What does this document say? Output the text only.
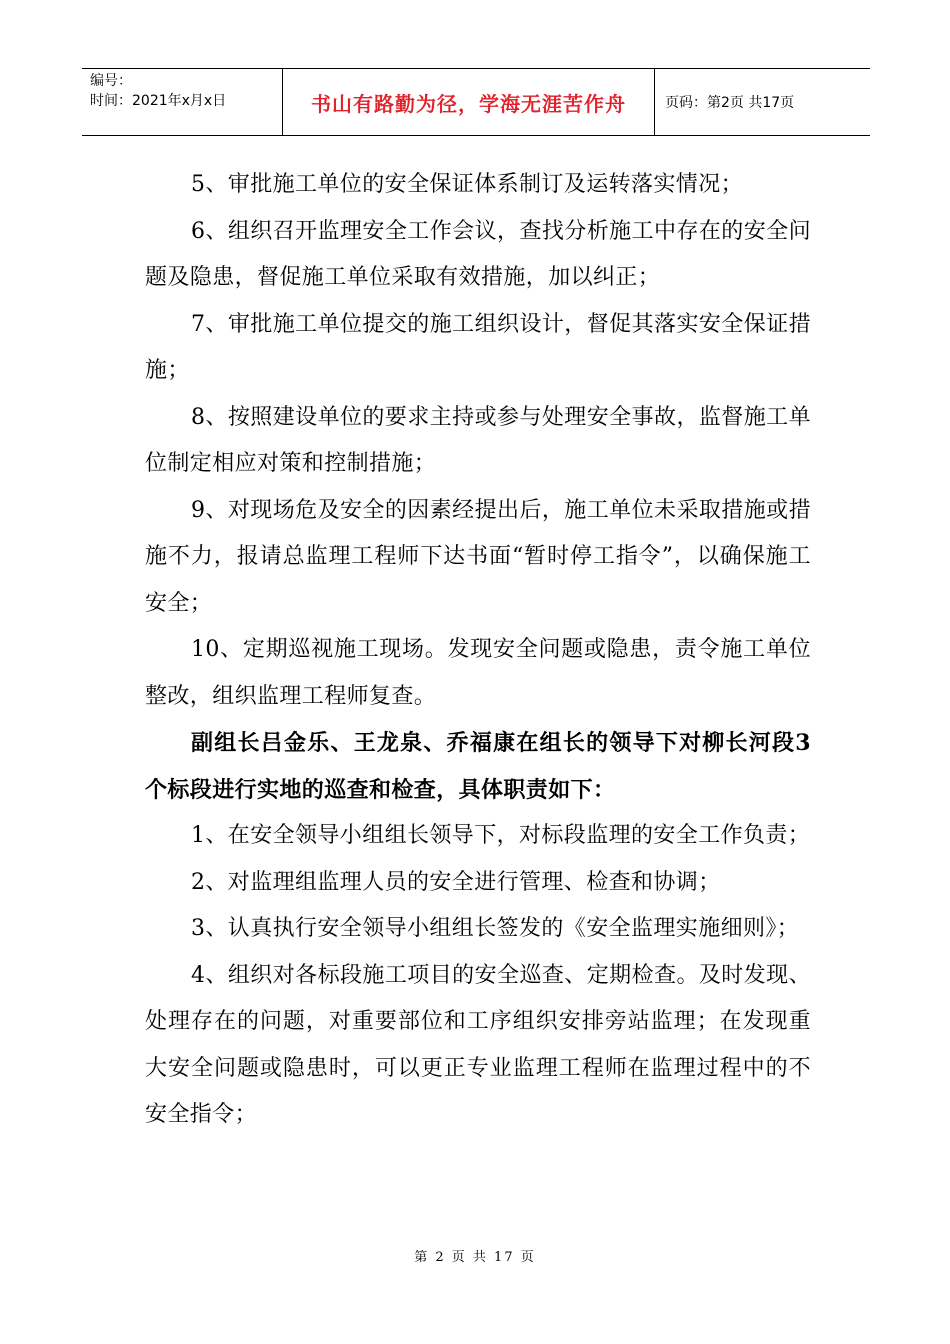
编号：
时间：2021年x月x日	书山有路勤为径，学海无涯苦作舟	页码：第2页 共17页

5、审批施工单位的安全保证体系制订及运转落实情况；

6、组织召开监理安全工作会议，查找分析施工中存在的安全问题及隐患，督促施工单位采取有效措施，加以纠正；

7、审批施工单位提交的施工组织设计，督促其落实安全保证措施；

8、按照建设单位的要求主持或参与处理安全事故，监督施工单位制定相应对策和控制措施；

9、对现场危及安全的因素经提出后，施工单位未采取措施或措施不力，报请总监理工程师下达书面“暂时停工指令”，以确保施工安全；

10、定期巡视施工现场。发现安全问题或隐患，责令施工单位整改，组织监理工程师复查。

副组长吕金乐、王龙泉、乔福康在组长的领导下对柳长河段3个标段进行实地的巡查和检查，具体职责如下：

1、在安全领导小组组长领导下，对标段监理的安全工作负责；

2、对监理组监理人员的安全进行管理、检查和协调；

3、认真执行安全领导小组组长签发的《安全监理实施细则》；

4、组织对各标段施工项目的安全巡查、定期检查。及时发现、处理存在的问题，对重要部位和工序组织安排旁站监理；在发现重大安全问题或隐患时，可以更正专业监理工程师在监理过程中的不安全指令；

第 2 页 共 17 页
